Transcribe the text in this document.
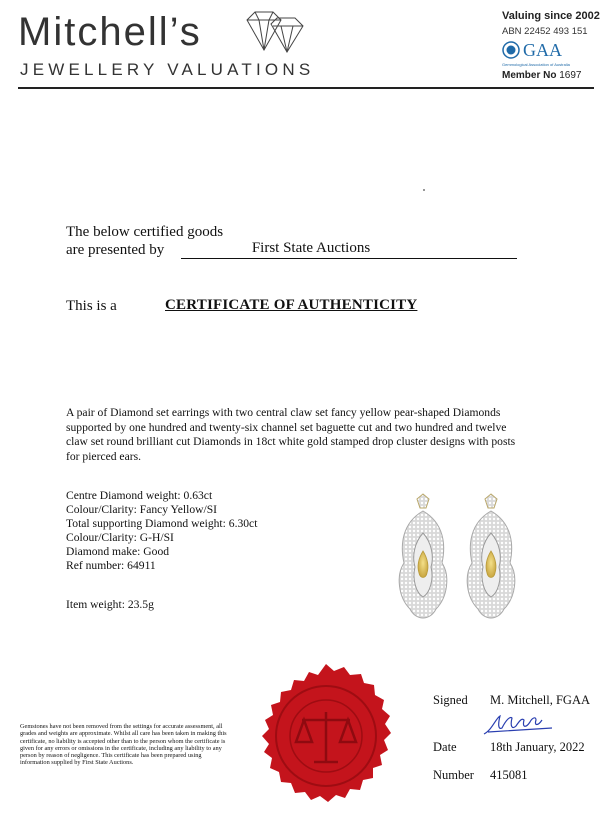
Mitchell’s
JEWELLERY VALUATIONS
Valuing since 2002
ABN 22452 493 151
GAA
Gemmological Association of Australia
Member No 1697
The below certified goods
are presented by	First State Auctions
This is a	CERTIFICATE OF AUTHENTICITY
A pair of Diamond set earrings with two central claw set fancy yellow pear-shaped Diamonds supported by one hundred and twenty-six channel set baguette cut and two hundred and twelve claw set round brilliant cut Diamonds in 18ct white gold stamped drop cluster designs with posts for pierced ears.
Centre Diamond weight: 0.63ct
Colour/Clarity: Fancy Yellow/SI
Total supporting Diamond weight: 6.30ct
Colour/Clarity: G-H/SI
Diamond make: Good
Ref number: 64911
Item weight: 23.5g
Gemstones have not been removed from the settings for accurate assessment, all grades and weights are approximate. Whilst all care has been taken in making this certificate, no liability is accepted other than to the person whom the certificate is given for any errors or omissions in the certificate, including any liability to any person by reason of negligence. This certificate has been prepared using information supplied by First State Auctions.
Signed M. Mitchell, FGAA
Date	18th January, 2022
Number 415081
